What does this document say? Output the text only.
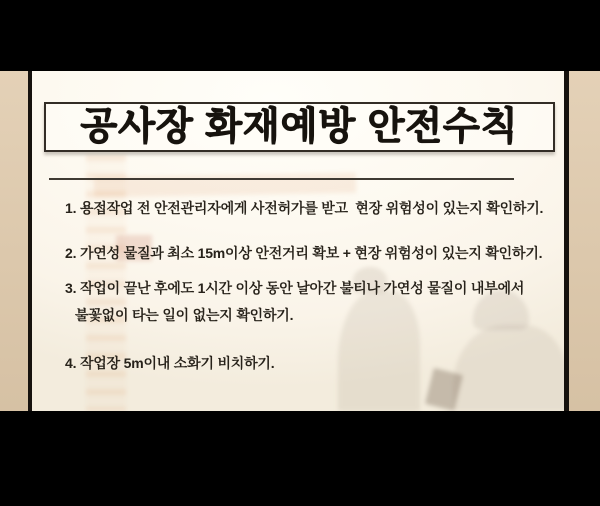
공사장 화재예방 안전수칙
1. 용접작업 전 안전관리자에게 사전허가를 받고  현장 위험성이 있는지 확인하기.
2. 가연성 물질과 최소 15m이상 안전거리 확보 + 현장 위험성이 있는지 확인하기.
3. 작업이 끝난 후에도 1시간 이상 동안 날아간 불티나 가연성 물질이 내부에서
불꽃없이 타는 일이 없는지 확인하기.
4. 작업장 5m이내 소화기 비치하기.
